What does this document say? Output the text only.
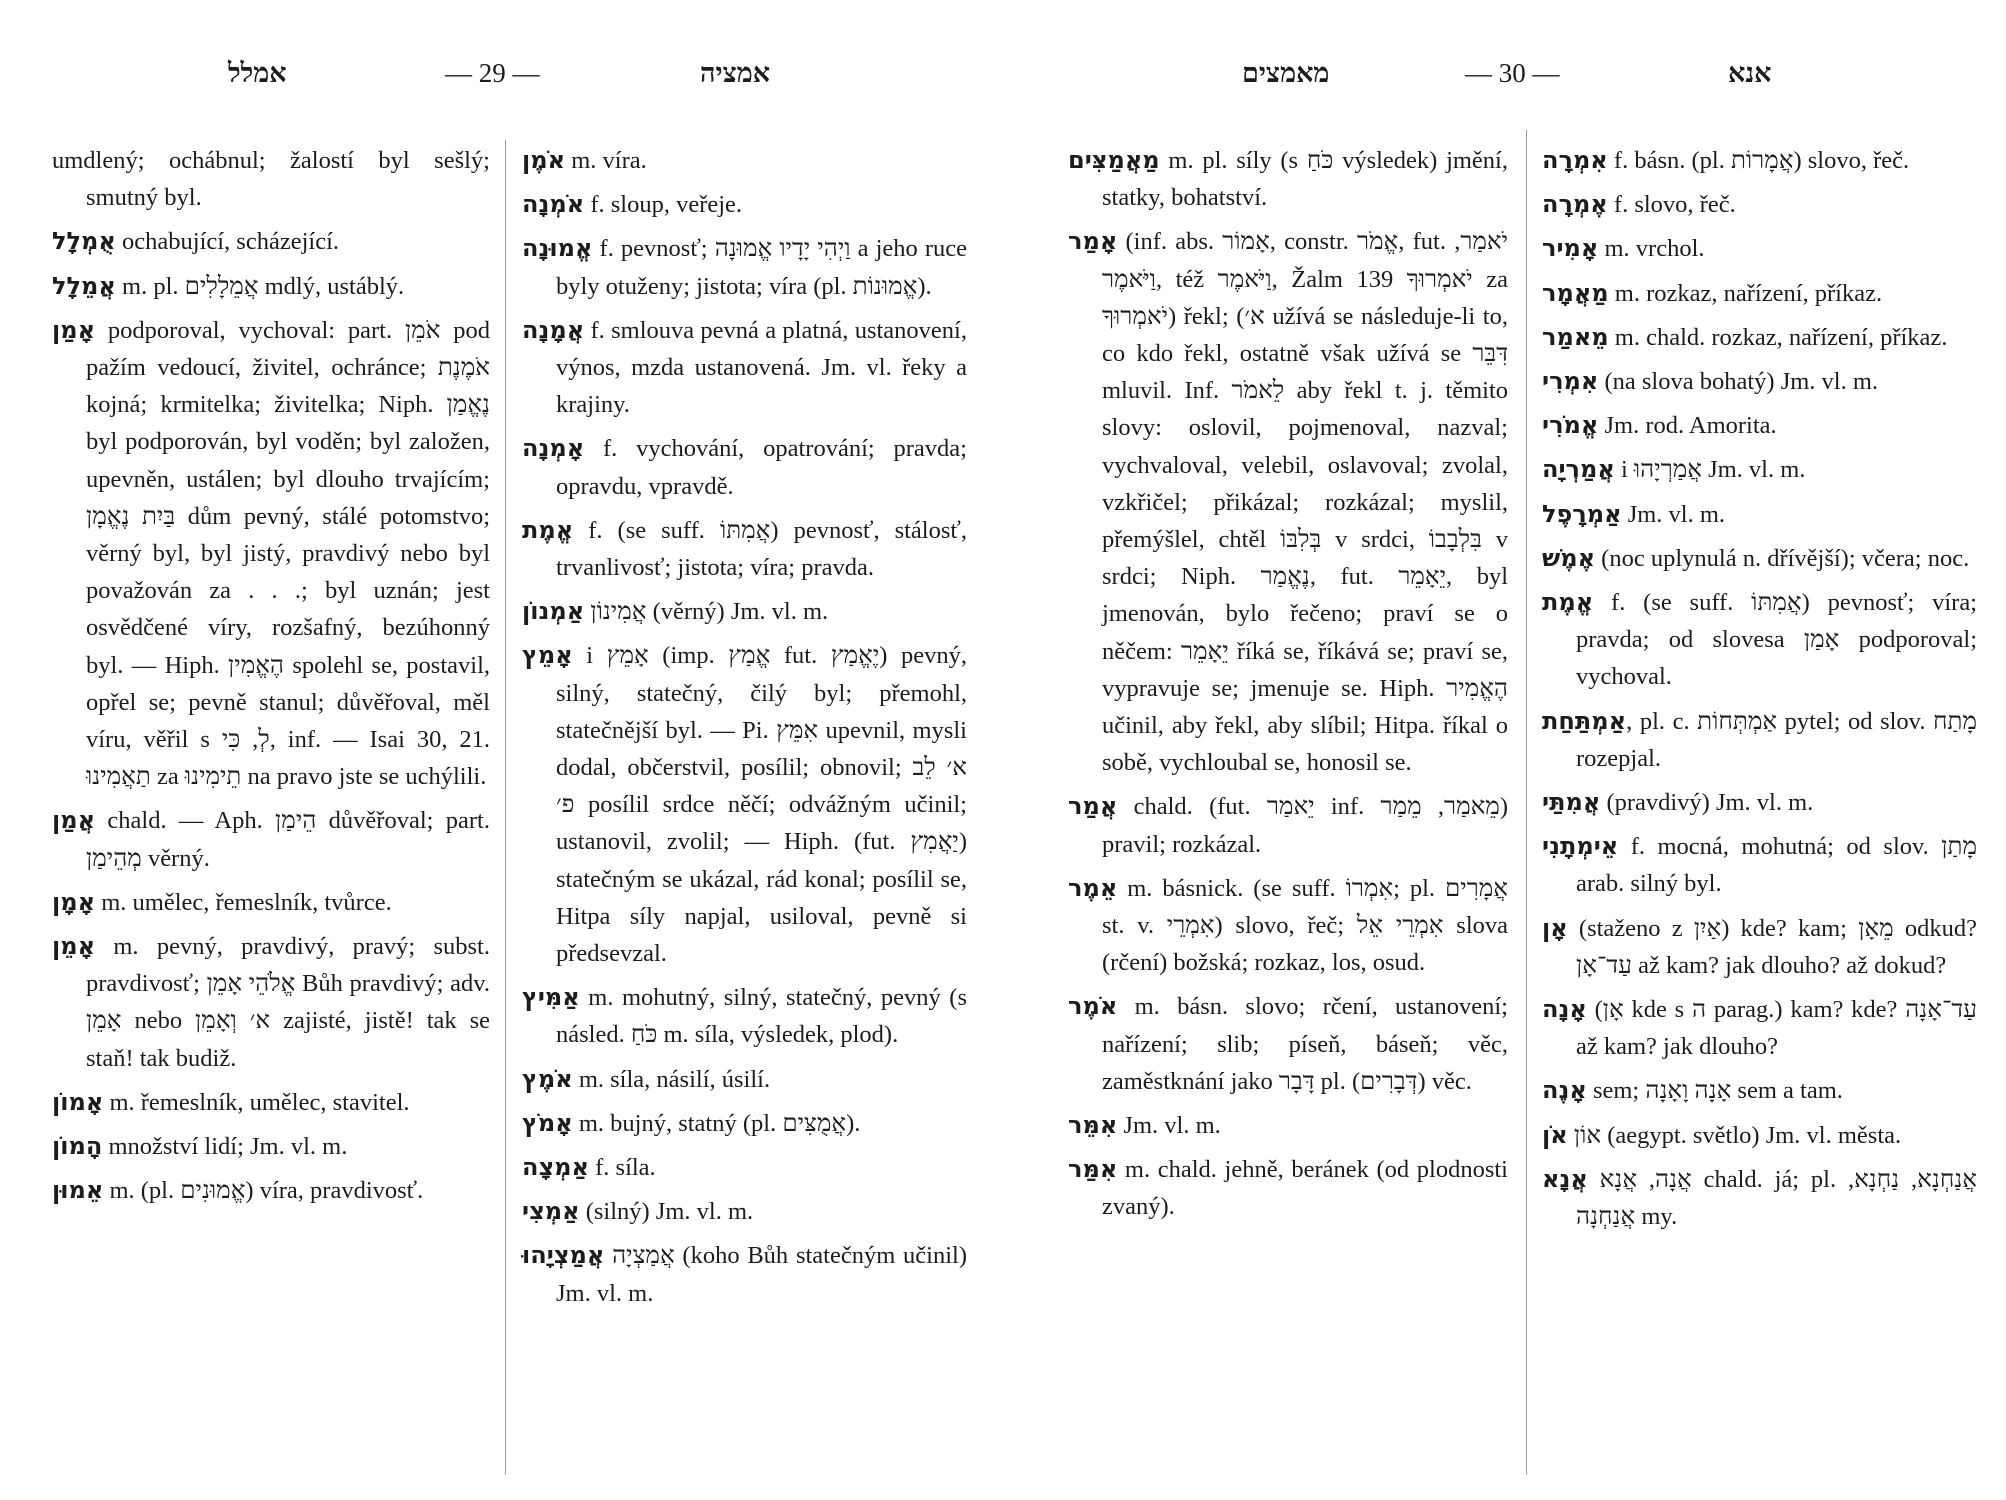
אמלל	— 29 —	אמציה

umdlený; ochábnul; žalostí byl sešlý; smutný byl.

אֻמְלָל ochabující, scházející.

אֲמֵלָל m. pl. אֲמֵלָלִים mdlý, ustáblý.

אָמַן podporoval, vychoval: part. אֹמֵן pod pažím vedoucí, živitel, ochránce; אֹמֶנֶת kojná; krmitelka; živitelka; Niph. נֶאֱמַן byl podporován, byl voděn; byl založen, upevněn, ustálen; byl dlouho trvajícím; בַּיִת נֶאֱמָן dům pevný, stálé potomstvo; věrný byl, byl jistý, pravdivý nebo byl považován za . . .; byl uznán; jest osvědčené víry, rozšafný, bezúhonný byl. — Hiph. הֶאֱמִין spolehl se, postavil, opřel se; pevně stanul; důvěřoval, měl víru, věřil s לְ, כִּי, inf. — Isai 30, 21. תַאֲמִינוּ za תֵימִינוּ na pravo jste se uchýlili.

אֲמַן chald. — Aph. הֵימַן důvěřoval; part. מְהֵימַן věrný.

אָמָן m. umělec, řemeslník, tvůrce.

אָמֵן m. pevný, pravdivý, pravý; subst. pravdivosť; אֱלֹהֵי אָמֵן Bůh pravdivý; adv. אָמֵן nebo א׳ וְאָמֵן zajisté, jistě! tak se staň! tak budiž.

אָמוֹן m. řemeslník, umělec, stavitel.

הָמוֹן množství lidí; Jm. vl. m.

אֵמוּן m. (pl. אֱמוּנִים) víra, pravdivosť.

אֹמֶן m. víra.

אֹמְנָה f. sloup, veřeje.

אֱמוּנָה f. pevnosť; וַיְהִי יָדָיו אֱמוּנָה a jeho ruce byly otuženy; jistota; víra (pl. אֱמוּנוֹת).

אֲמָנָה f. smlouva pevná a platná, ustanovení, výnos, mzda ustanovená. Jm. vl. řeky a krajiny.

אָמְנָה f. vychování, opatrování; pravda; opravdu, vpravdě.

אֱמֶת f. (se suff. אֲמִתּוֹ) pevnosť, stálosť, trvanlivosť; jistota; víra; pravda.

אַמְנוֹן אֲמִינוֹן (věrný) Jm. vl. m.

אָמֵץ i אָמֵץ (imp. אֱמַץ fut. יֶאֱמַץ) pevný, silný, statečný, čilý byl; přemohl, statečnější byl. — Pi. אִמֵּץ upevnil, mysli dodal, občerstvil, posílil; obnovil; א׳ לֵב פ׳ posílil srdce něčí; odvážným učinil; ustanovil, zvolil; — Hiph. (fut. יַאֲמִץ) statečným se ukázal, rád konal; posílil se, Hitpa síly napjal, usiloval, pevně si předsevzal.

אַמִּיץ m. mohutný, silný, statečný, pevný (s násled. כֹּחַ m. síla, výsledek, plod).

אֹמֶץ m. síla, násilí, úsilí.

אָמֹץ m. bujný, statný (pl. אֲמֻצִּים).

אַמְצָה f. síla.

אַמְצִי (silný) Jm. vl. m.

אֲמַצְיָהוּ אֲמַצְיָה (koho Bůh statečným učinil) Jm. vl. m.

מאמצים	— 30 —	אנא

מַאֲמַצִּים m. pl. síly (s כֹּחַ výsledek) jmění, statky, bohatství.

אָמַר (inf. abs. אָמוֹר, constr. אֱמֹר, fut. יֹאמַר, וַיֹּאמֶר, též וַיֹּאמֶר, Žalm 139 יֹאמְרוּךָ za יֹאמְרוּךָ) řekl; (א׳ užívá se následuje-li to, co kdo řekl, ostatně však užívá se דִּבֵּר mluvil. Inf. לֵאמֹר aby řekl t. j. těmito slovy: oslovil, pojmenoval, nazval; vychvaloval, velebil, oslavoval; zvolal, vzkřičel; přikázal; rozkázal; myslil, přemýšlel, chtěl בְּלִבּוֹ v srdci, בִּלְבָבוֹ v srdci; Niph. נֶאֱמַר, fut. יֵאָמֵר, byl jmenován, bylo řečeno; praví se o něčem: יֵאָמֵר říká se, říkává se; praví se, vypravuje se; jmenuje se. Hiph. הֶאֱמִיר učinil, aby řekl, aby slíbil; Hitpa. říkal o sobě, vychloubal se, honosil se.

אֲמַר chald. (fut. יֵאמַר inf. מֵאמַר, מֵמַר) pravil; rozkázal.

אֵמֶר m. básnick. (se suff. אִמְרוֹ; pl. אֲמָרִים st. v. אִמְרֵי) slovo, řeč; אִמְרֵי אֵל slova (rčení) božská; rozkaz, los, osud.

אֹמֶר m. básn. slovo; rčení, ustanovení; nařízení; slib; píseň, báseň; věc, zaměstknání jako דָּבָר pl. (דְּבָרִים) věc.

אִמֵּר Jm. vl. m.

אִמַּר m. chald. jehně, beránek (od plodnosti zvaný).

אִמְרָה f. básn. (pl. אֲמָרוֹת) slovo, řeč.

אֶמְרָה f. slovo, řeč.

אָמִיר m. vrchol.

מַאֲמָר m. rozkaz, nařízení, příkaz.

מֵאמַר m. chald. rozkaz, nařízení, příkaz.

אִמְרִי (na slova bohatý) Jm. vl. m.

אֱמֹרִי Jm. rod. Amorita.

אֲמַרְיָה i אֲמַרְיָהוּ Jm. vl. m.

אַמְרָפֶל Jm. vl. m.

אֶמֶשׁ (noc uplynulá n. dřívější); včera; noc.

אֱמֶת f. (se suff. אֲמִתּוֹ) pevnosť; víra; pravda; od slovesa אָמַן podporoval; vychoval.

אַמְתַּחַת, pl. c. אַמְתְּחוֹת pytel; od slov. מָתַח rozepjal.

אֲמִתַּי (pravdivý) Jm. vl. m.

אֵימְתָנִי f. mocná, mohutná; od slov. מָתַן arab. silný byl.

אָן (staženo z אַיִן) kde? kam; מֵאָן odkud? עַד־אָן až kam? jak dlouho? až dokud?

אָנָה (אָן kde s ה parag.) kam? kde? עַד־אָנָה až kam? jak dlouho?

אָנֶה sem; אָנָה וָאָנָה sem a tam.

אֹן אוֹן (aegypt. světlo) Jm. vl. města.

אֲנָא אֲנָה, אֲנָא chald. já; pl. אֲנַחְנָא, נַחְנָא, אֲנַחְנָה my.
